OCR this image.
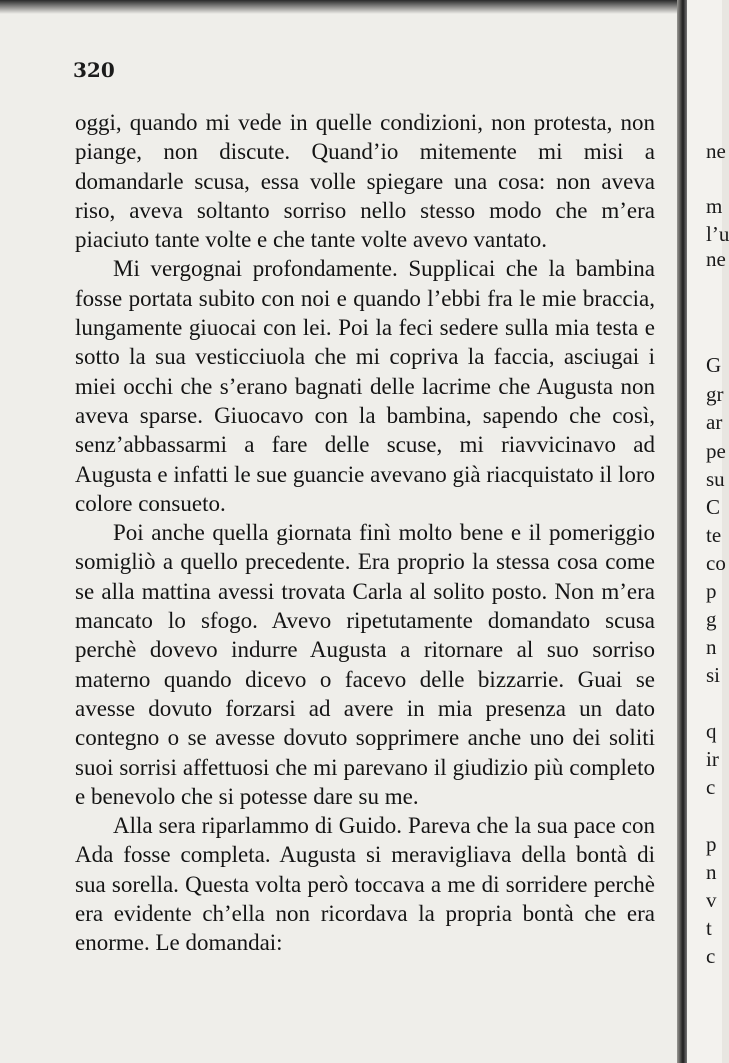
320

oggi, quando mi vede in quelle condizioni, non protesta, non piange, non discute. Quand’io mitemente mi misi a domandarle scusa, essa volle spiegare una cosa: non aveva riso, aveva soltanto sorriso nello stesso modo che m’era piaciuto tante volte e che tante volte avevo vantato.

Mi vergognai profondamente. Supplicai che la bambina fosse portata subito con noi e quando l’ebbi fra le mie braccia, lungamente giuocai con lei. Poi la feci sedere sulla mia testa e sotto la sua vesticciuola che mi copriva la faccia, asciugai i miei occhi che s’erano bagnati delle lacrime che Augusta non aveva sparse. Giuocavo con la bambina, sapendo che così, senz’abbassarmi a fare delle scuse, mi riavvicinavo ad Augusta e infatti le sue guancie avevano già riacquistato il loro colore consueto.

Poi anche quella giornata finì molto bene e il pomeriggio somigliò a quello precedente. Era proprio la stessa cosa come se alla mattina avessi trovata Carla al solito posto. Non m’era mancato lo sfogo. Avevo ripetutamente domandato scusa perchè dovevo indurre Augusta a ritornare al suo sorriso materno quando dicevo o facevo delle bizzarrie. Guai se avesse dovuto forzarsi ad avere in mia presenza un dato contegno o se avesse dovuto sopprimere anche uno dei soliti suoi sorrisi affettuosi che mi parevano il giudizio più completo e benevolo che si potesse dare su me.

Alla sera riparlammo di Guido. Pareva che la sua pace con Ada fosse completa. Augusta si meravigliava della bontà di sua sorella. Questa volta però toccava a me di sorridere perchè era evidente ch’ella non ricordava la propria bontà che era enorme. Le domandai:

ne
m
l’u
ne
G
gr
ar
pe
su
C
te
co
p
g
n
si
q
ir
c
p
n
v
t
c
